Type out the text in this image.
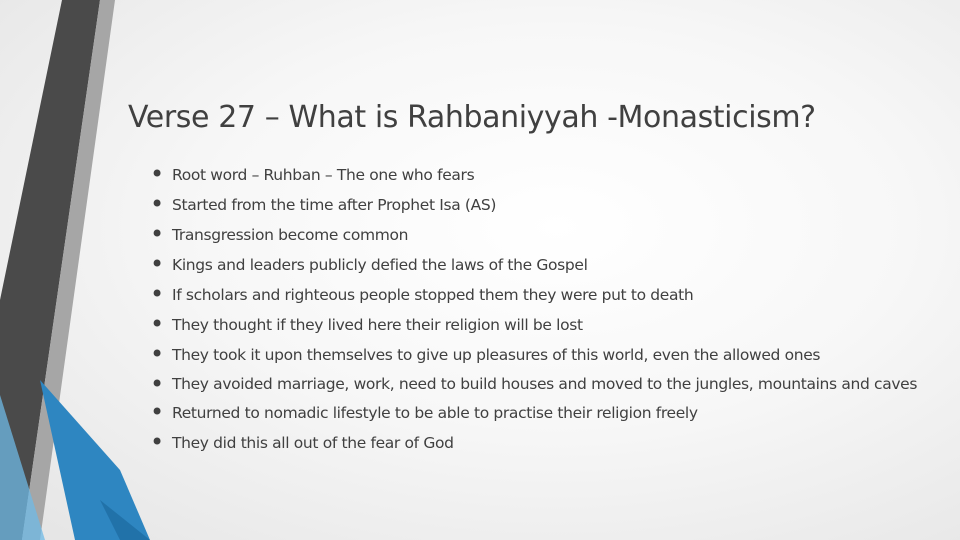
Verse 27 – What is Rahbaniyyah -Monasticism?
• Root word – Ruhban – The one who fears
• Started from the time after Prophet Isa (AS)
• Transgression become common
• Kings and leaders publicly defied the laws of the Gospel
• If scholars and righteous people stopped them they were put to death
• They thought if they lived here their religion will be lost
• They took it upon themselves to give up pleasures of this world, even the allowed ones
• They avoided marriage, work, need to build houses and moved to the jungles, mountains and caves
• Returned to nomadic lifestyle to be able to practise their religion freely
• They did this all out of the fear of God
